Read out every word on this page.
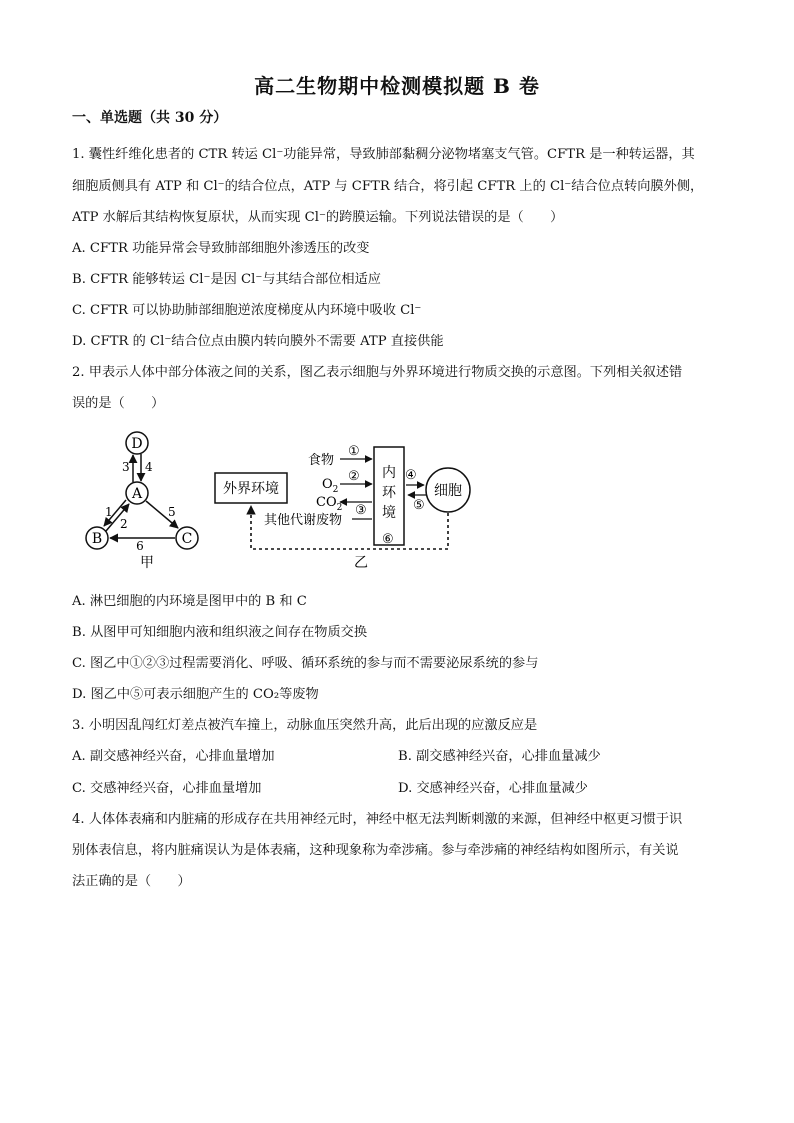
高二生物期中检测模拟题 B 卷
一、单选题（共 30 分）
1. 囊性纤维化患者的 CTR 转运 Cl⁻功能异常，导致肺部黏稠分泌物堵塞支气管。CFTR 是一种转运器，其
细胞质侧具有 ATP 和 Cl⁻的结合位点，ATP 与 CFTR 结合，将引起 CFTR 上的 Cl⁻结合位点转向膜外侧，
ATP 水解后其结构恢复原状，从而实现 Cl⁻的跨膜运输。下列说法错误的是（　　）
A. CFTR 功能异常会导致肺部细胞外渗透压的改变
B. CFTR 能够转运 Cl⁻是因 Cl⁻与其结合部位相适应
C. CFTR 可以协助肺部细胞逆浓度梯度从内环境中吸收 Cl⁻
D. CFTR 的 Cl⁻结合位点由膜内转向膜外不需要 ATP 直接供能
2. 甲表示人体中部分体液之间的关系，图乙表示细胞与外界环境进行物质交换的示意图。下列相关叙述错
误的是（　　）
D
A
B	C
3 4
1
2
5
6
甲
外界环境
内
环
境
细胞
食物
①
$O_2$
②
$CO_2$ ③
其他代谢废物
④
⑤
⑥
乙
A. 淋巴细胞的内环境是图甲中的 B 和 C
B. 从图甲可知细胞内液和组织液之间存在物质交换
C. 图乙中①②③过程需要消化、呼吸、循环系统的参与而不需要泌尿系统的参与
D. 图乙中⑤可表示细胞产生的 CO₂等废物
3. 小明因乱闯红灯差点被汽车撞上，动脉血压突然升高，此后出现的应激反应是
A. 副交感神经兴奋，心排血量增加	B. 副交感神经兴奋，心排血量减少
C. 交感神经兴奋，心排血量增加	D. 交感神经兴奋，心排血量减少
4. 人体体表痛和内脏痛的形成存在共用神经元时，神经中枢无法判断刺激的来源，但神经中枢更习惯于识
别体表信息，将内脏痛误认为是体表痛，这种现象称为牵涉痛。参与牵涉痛的神经结构如图所示，有关说
法正确的是（　　）
